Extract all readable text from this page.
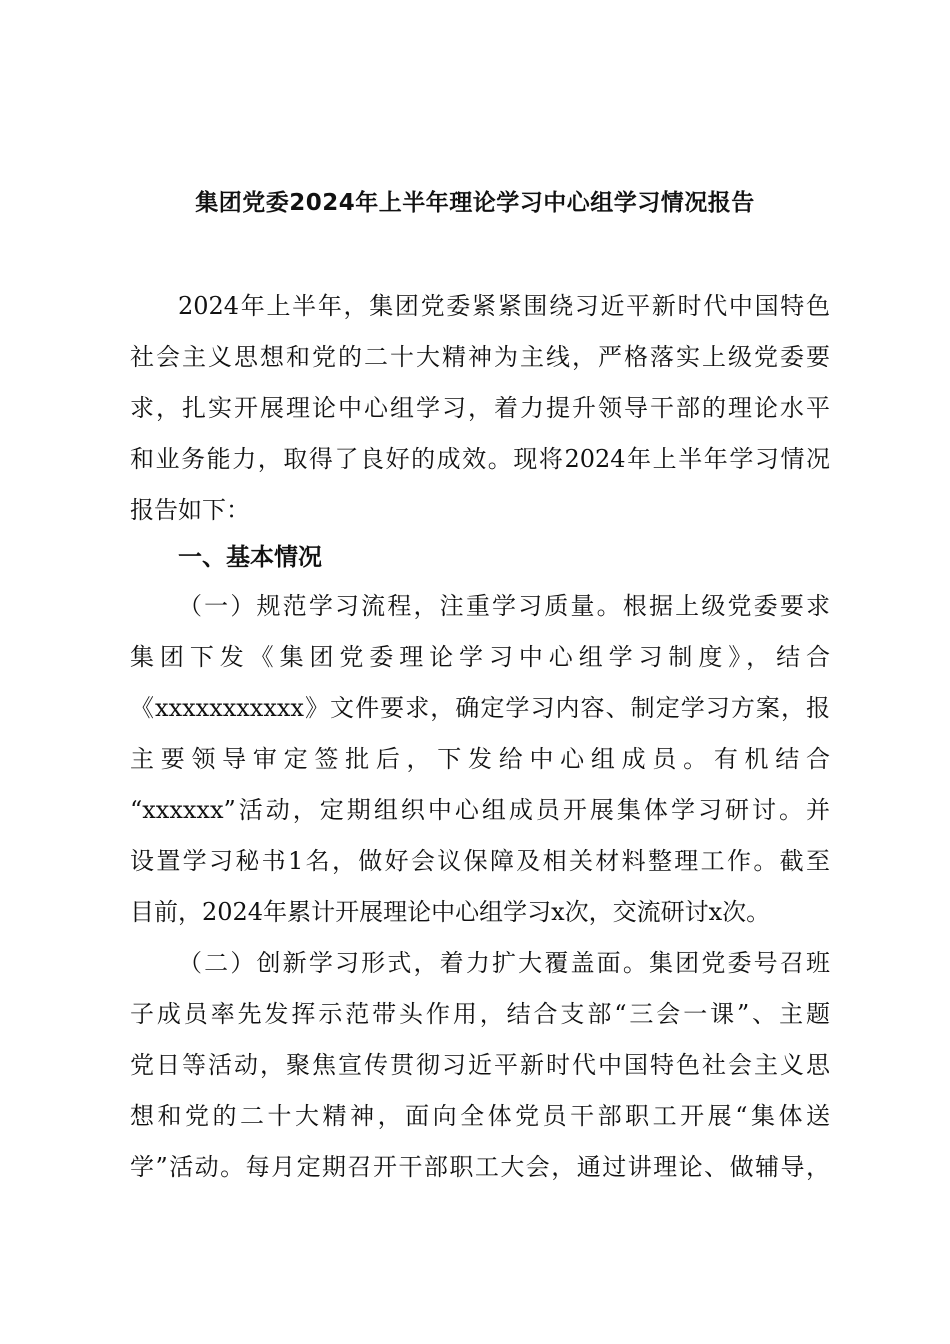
集团党委2024年上半年理论学习中心组学习情况报告
2024年上半年，集团党委紧紧围绕习近平新时代中国特色
社会主义思想和党的二十大精神为主线，严格落实上级党委要
求，扎实开展理论中心组学习，着力提升领导干部的理论水平
和业务能力，取得了良好的成效。现将2024年上半年学习情况
报告如下：
一、基本情况
（一）规范学习流程，注重学习质量。根据上级党委要求
集团下发《集团党委理论学习中心组学习制度》，结合
《xxxxxxxxxxx》文件要求，确定学习内容、制定学习方案，报
主要领导审定签批后，下发给中心组成员。有机结合
“xxxxxx”活动，定期组织中心组成员开展集体学习研讨。并
设置学习秘书1名，做好会议保障及相关材料整理工作。截至
目前，2024年累计开展理论中心组学习x次，交流研讨x次。
（二）创新学习形式，着力扩大覆盖面。集团党委号召班
子成员率先发挥示范带头作用，结合支部“三会一课”、主题
党日等活动，聚焦宣传贯彻习近平新时代中国特色社会主义思
想和党的二十大精神，面向全体党员干部职工开展“集体送
学”活动。每月定期召开干部职工大会，通过讲理论、做辅导，
